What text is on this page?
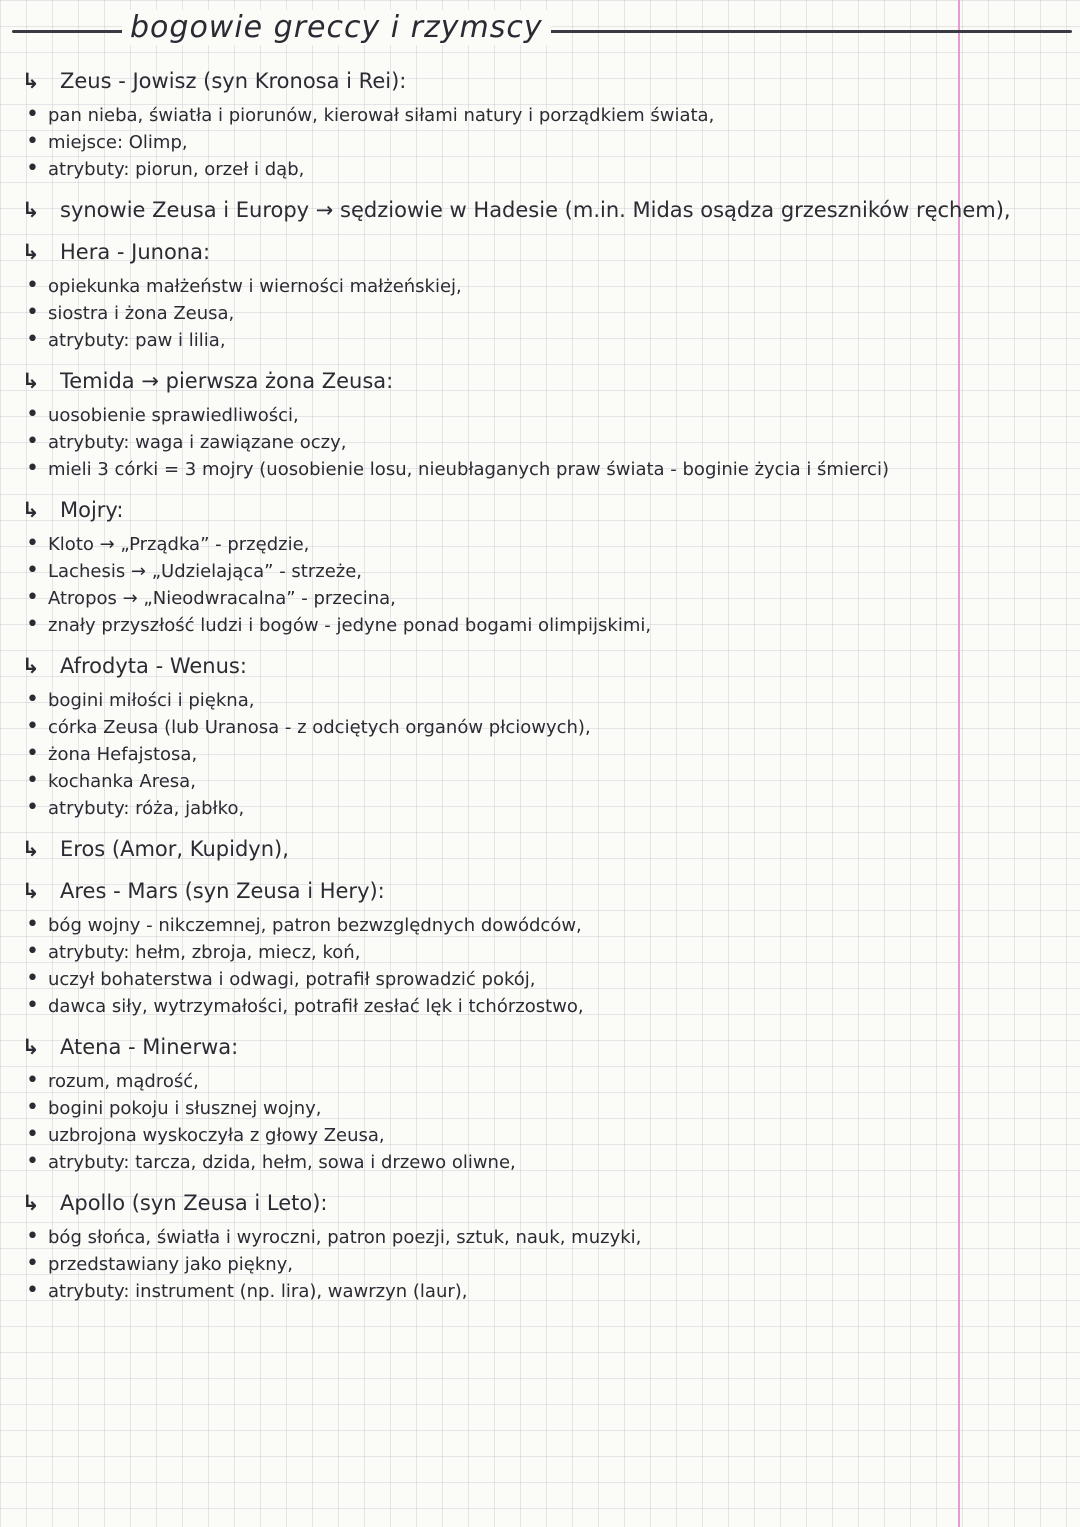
bogowie greccy i rzymscy
↳ Zeus - Jowisz (syn Kronosa i Rei):
• pan nieba, światła i piorunów, kierował siłami natury i porządkiem świata,
• miejsce: Olimp,
• atrybuty: piorun, orzeł i dąb,
↳ synowie Zeusa i Europy → sędziowie w Hadesie (m.in. Midas osądza grzeszników ręchem),
↳ Hera - Junona:
• opiekunka małżeństw i wierności małżeńskiej,
• siostra i żona Zeusa,
• atrybuty: paw i lilia,
↳ Temida → pierwsza żona Zeusa:
• uosobienie sprawiedliwości,
• atrybuty: waga i zawiązane oczy,
• mieli 3 córki = 3 mojry (uosobienie losu, nieubłaganych praw świata - boginie życia i śmierci)
↳ Mojry:
• Kloto → „Prządka” - przędzie,
• Lachesis → „Udzielająca” - strzeże,
• Atropos → „Nieodwracalna” - przecina,
• znały przyszłość ludzi i bogów - jedyne ponad bogami olimpijskimi,
↳ Afrodyta - Wenus:
• bogini miłości i piękna,
• córka Zeusa (lub Uranosa - z odciętych organów płciowych),
• żona Hefajstosa,
• kochanka Aresa,
• atrybuty: róża, jabłko,
↳ Eros (Amor, Kupidyn),
↳ Ares - Mars (syn Zeusa i Hery):
• bóg wojny - nikczemnej, patron bezwzględnych dowódców,
• atrybuty: hełm, zbroja, miecz, koń,
• uczył bohaterstwa i odwagi, potrafił sprowadzić pokój,
• dawca siły, wytrzymałości, potrafił zesłać lęk i tchórzostwo,
↳ Atena - Minerwa:
• rozum, mądrość,
• bogini pokoju i słusznej wojny,
• uzbrojona wyskoczyła z głowy Zeusa,
• atrybuty: tarcza, dzida, hełm, sowa i drzewo oliwne,
↳ Apollo (syn Zeusa i Leto):
• bóg słońca, światła i wyroczni, patron poezji, sztuk, nauk, muzyki,
• przedstawiany jako piękny,
• atrybuty: instrument (np. lira), wawrzyn (laur),
